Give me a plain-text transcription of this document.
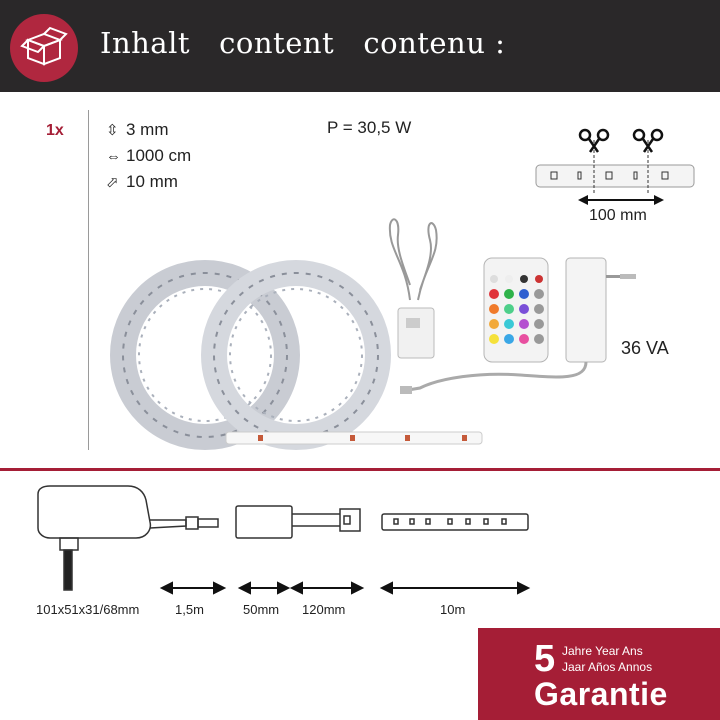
Inhalt   content   contenu :
1x	⇳ 3 mm
⇔ 1000 cm
⬀ 10 mm
P = 30,5 W
100 mm
36 VA
101x51x31/68mm	1,5m	50mm 120mm	10m
5 Jahre Year Ans
Jaar Años Annos
Garantie
